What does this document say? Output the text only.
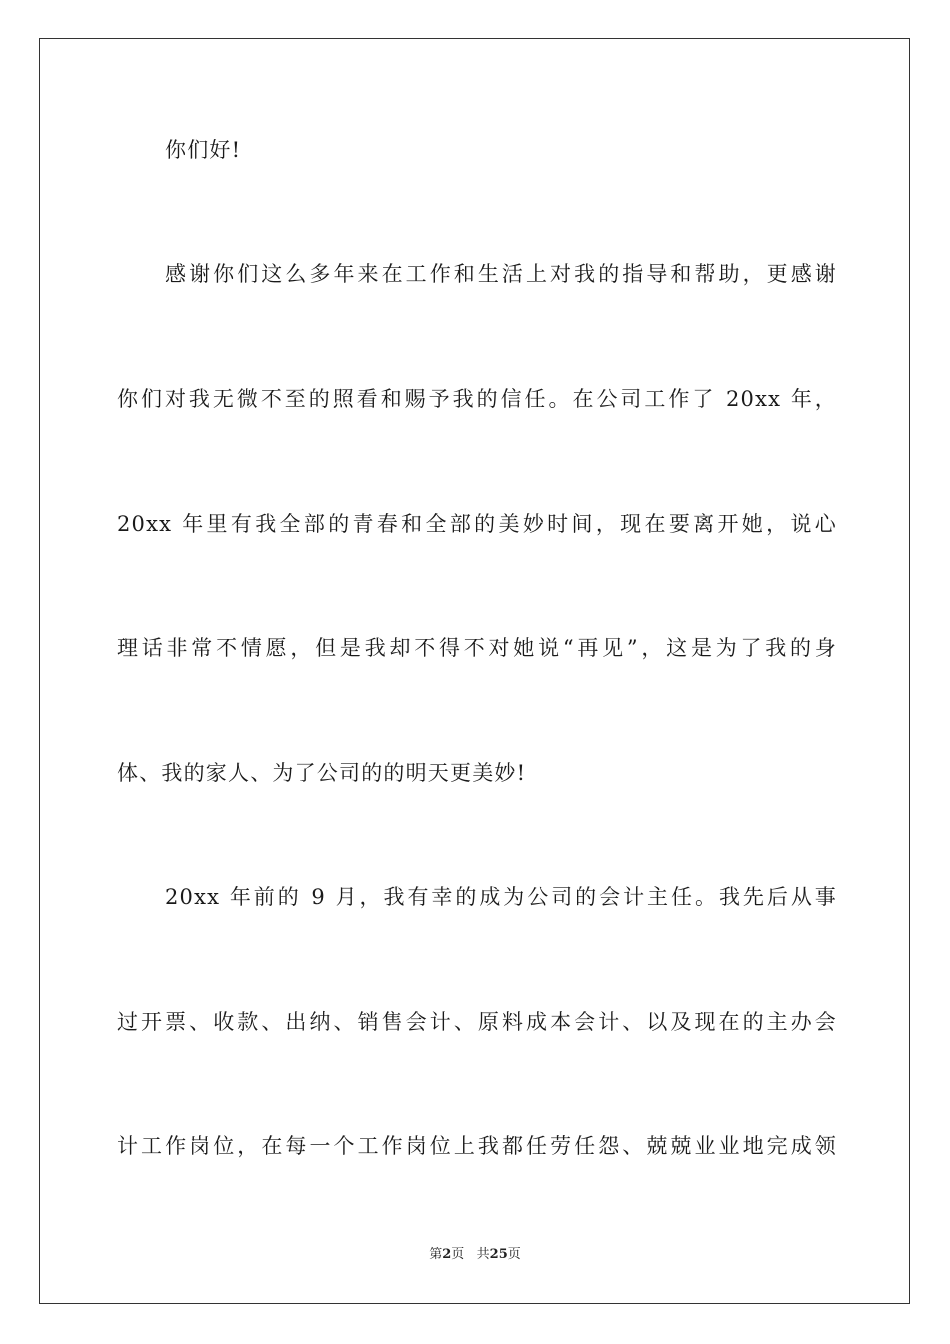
你们好!
感谢你们这么多年来在工作和生活上对我的指导和帮助，更感谢
你们对我无微不至的照看和赐予我的信任。在公司工作了 20xx 年，
20xx 年里有我全部的青春和全部的美妙时间，现在要离开她，说心
理话非常不情愿，但是我却不得不对她说“再见”，这是为了我的身
体、我的家人、为了公司的的明天更美妙!
20xx 年前的 9 月，我有幸的成为公司的会计主任。我先后从事
过开票、收款、出纳、销售会计、原料成本会计、以及现在的主办会
计工作岗位，在每一个工作岗位上我都任劳任怨、兢兢业业地完成领
第2页   共25页
